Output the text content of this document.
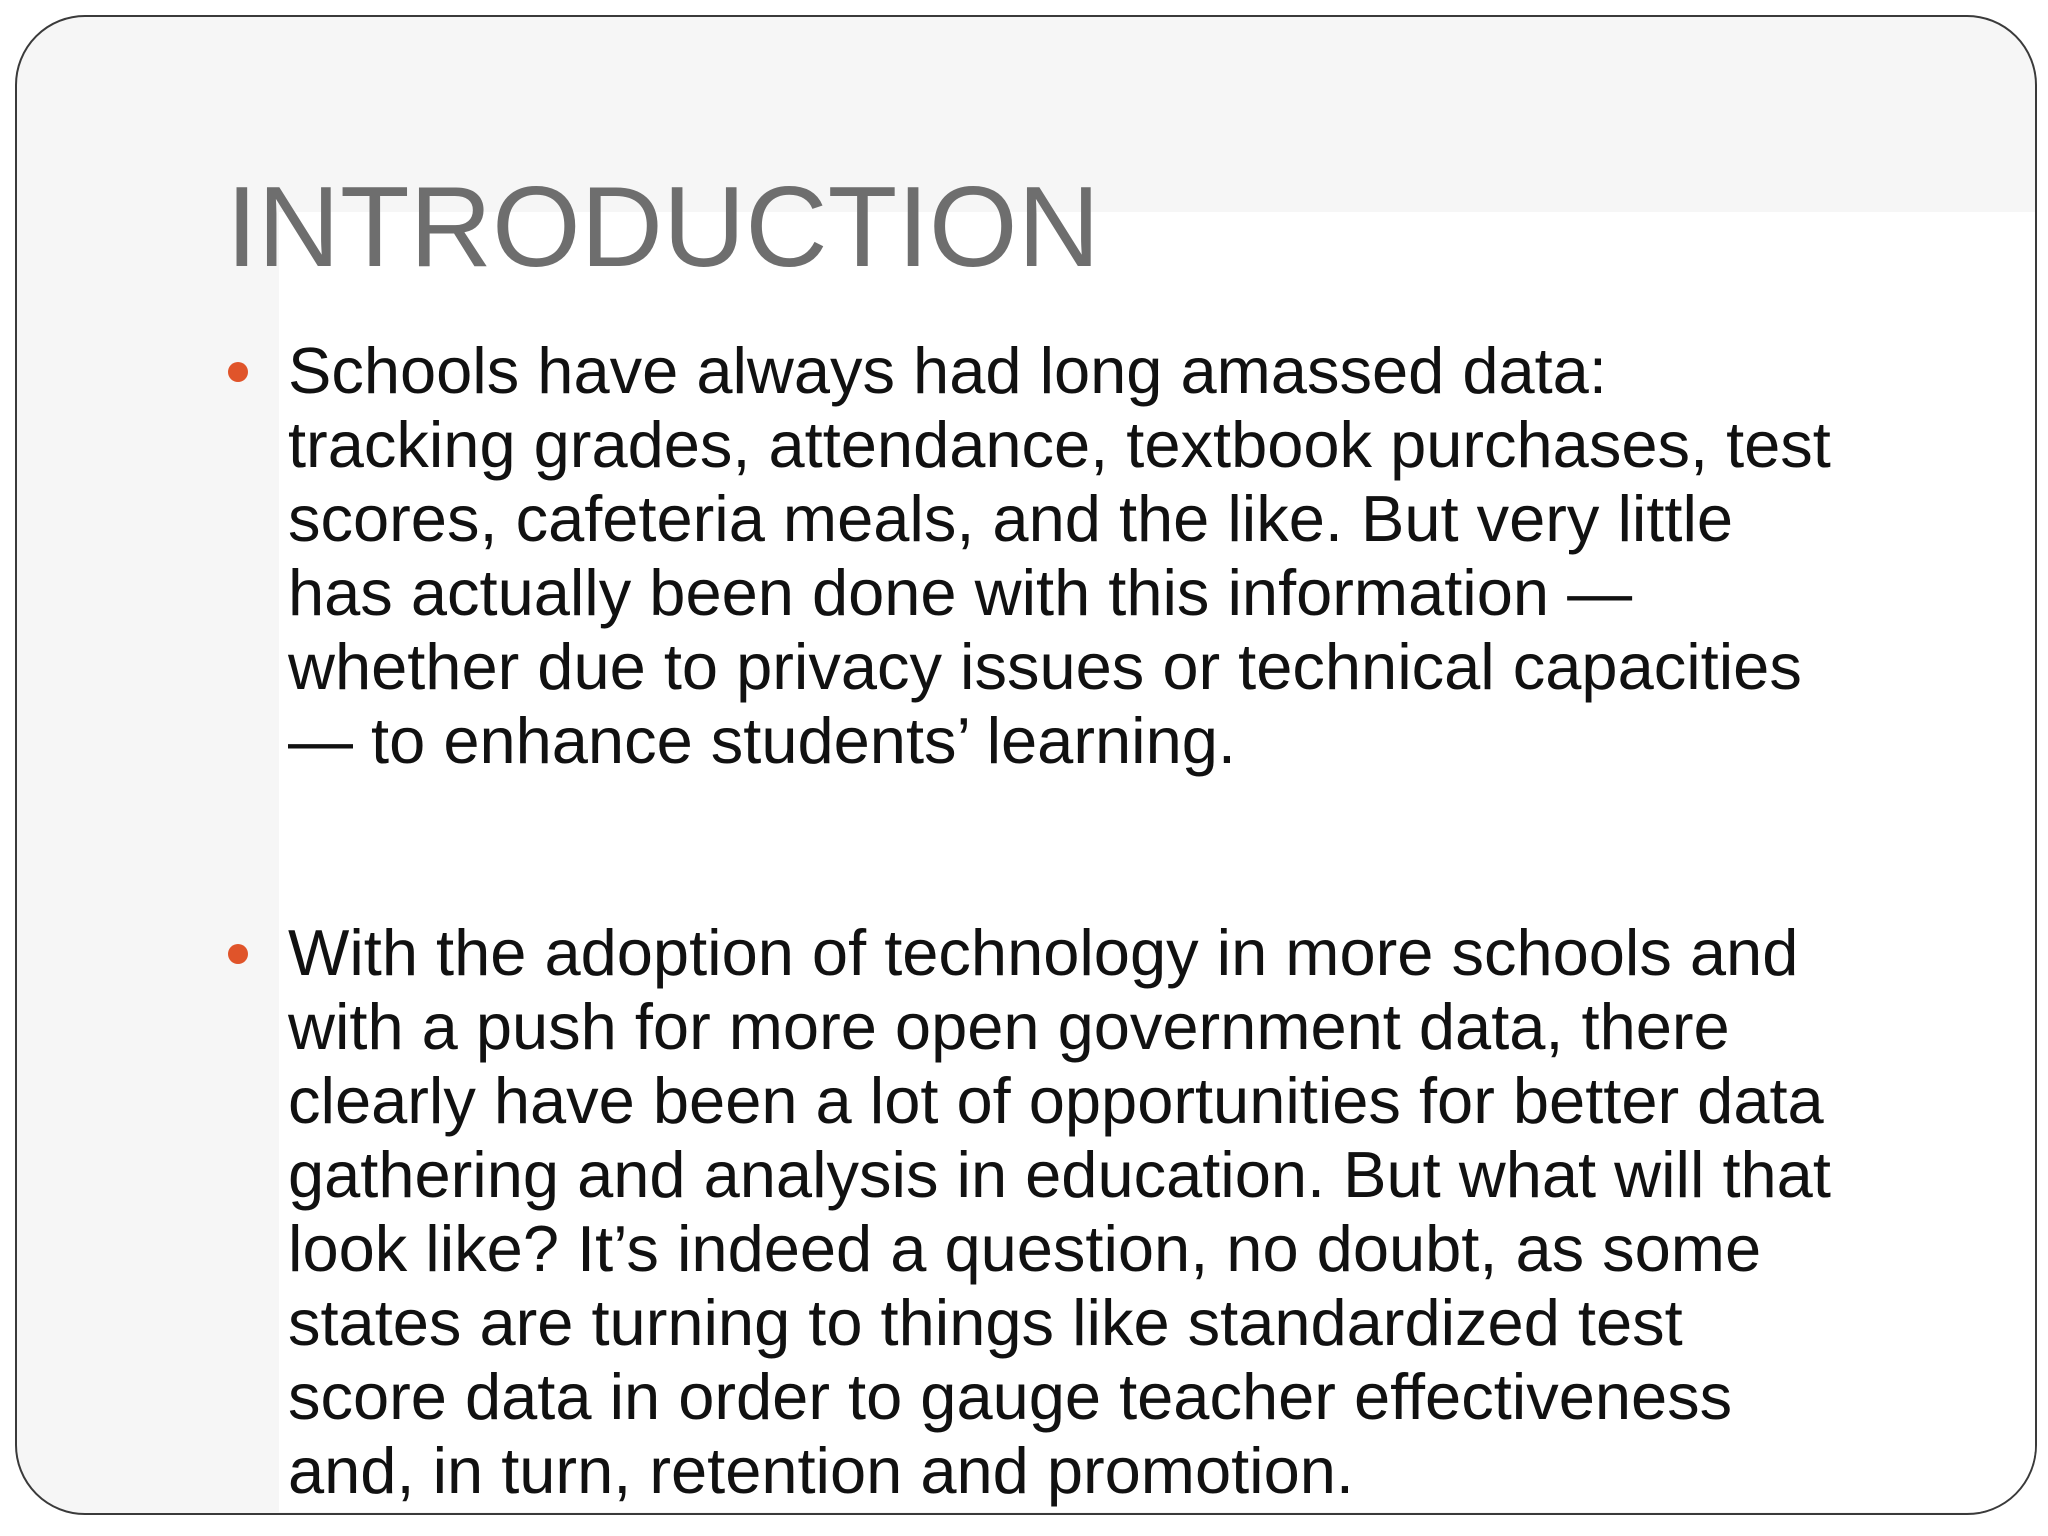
INTRODUCTION
Schools have always had long amassed data:
tracking grades, attendance, textbook purchases, test
scores, cafeteria meals, and the like. But very little
has actually been done with this information —
whether due to privacy issues or technical capacities
— to enhance students’ learning.
With the adoption of technology in more schools and
with a push for more open government data, there
clearly have been a lot of opportunities for better data
gathering and analysis in education. But what will that
look like? It’s indeed a question, no doubt, as some
states are turning to things like standardized test
score data in order to gauge teacher effectiveness
and, in turn, retention and promotion.
